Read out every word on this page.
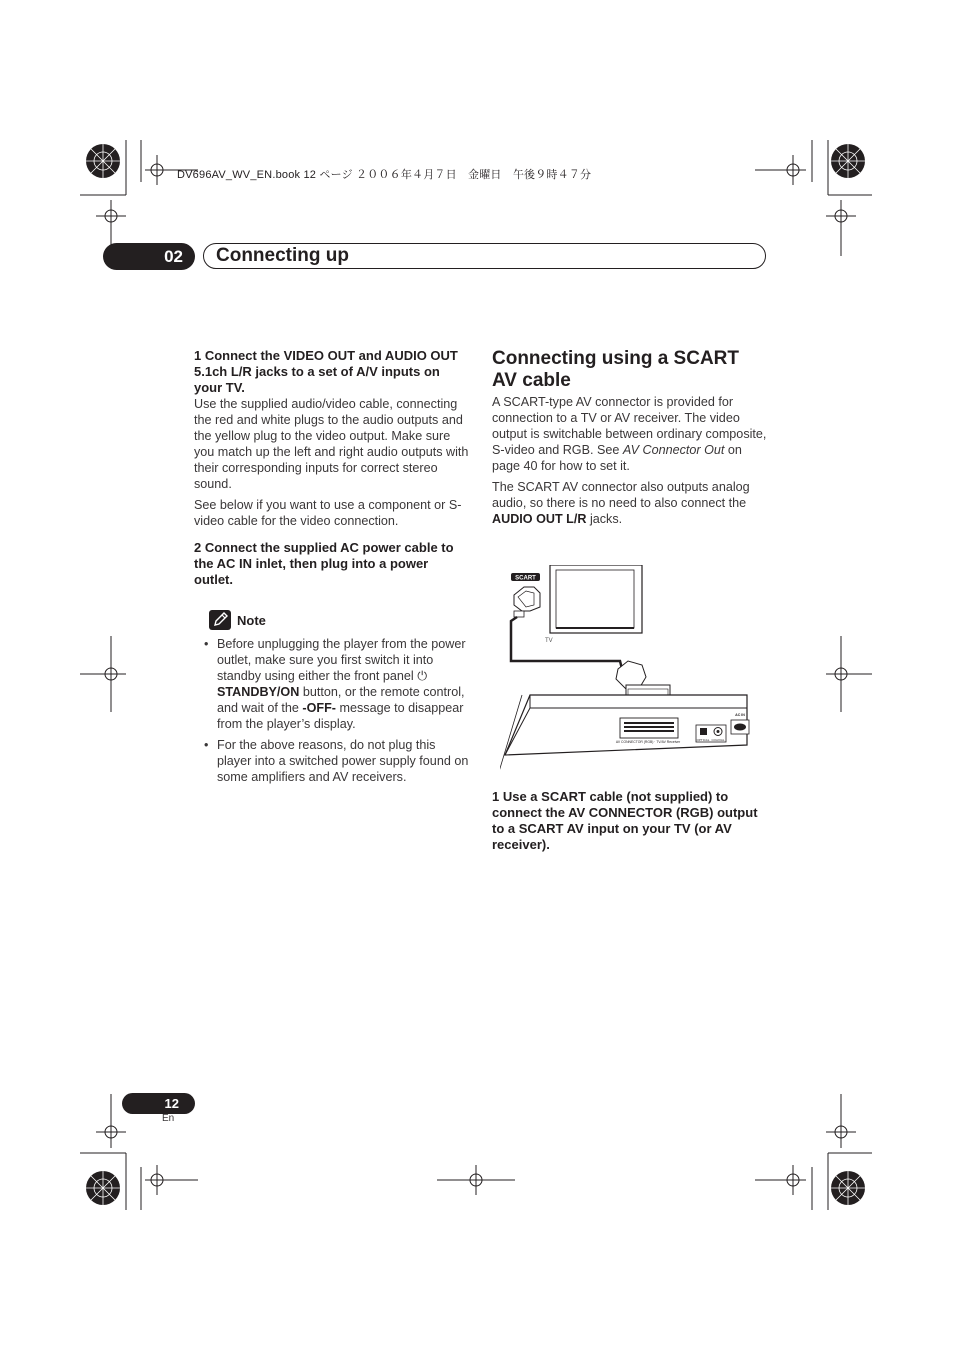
DV696AV_WV_EN.book 12 ページ ２００６年４月７日　金曜日　午後９時４７分
02	Connecting up

1 Connect the VIDEO OUT and AUDIO OUT 5.1ch L/R jacks to a set of A/V inputs on your TV.

Use the supplied audio/video cable, connecting the red and white plugs to the audio outputs and the yellow plug to the video output. Make sure you match up the left and right audio outputs with their corresponding inputs for correct stereo sound.

See below if you want to use a component or S-video cable for the video connection.

2 Connect the supplied AC power cable to the AC IN inlet, then plug into a power outlet.

Note
• Before unplugging the player from the power outlet, make sure you first switch it into standby using either the front panel ⏻ STANDBY/ON button, or the remote control, and wait of the -OFF- message to disappear from the player’s display.
• For the above reasons, do not plug this player into a switched power supply found on some amplifiers and AV receivers.
Connecting using a SCART AV cable

A SCART-type AV connector is provided for connection to a TV or AV receiver. The video output is switchable between ordinary composite, S-video and RGB. See AV Connector Out on page 40 for how to set it.

The SCART AV connector also outputs analog audio, so there is no need to also connect the AUDIO OUT L/R jacks.

TV
SCART
AV CONNECTOR (RGB) · TV/AV Receiver	OPTICAL COAXIAL
AC IN

1 Use a SCART cable (not supplied) to connect the AV CONNECTOR (RGB) output to a SCART AV input on your TV (or AV receiver).

12
En
